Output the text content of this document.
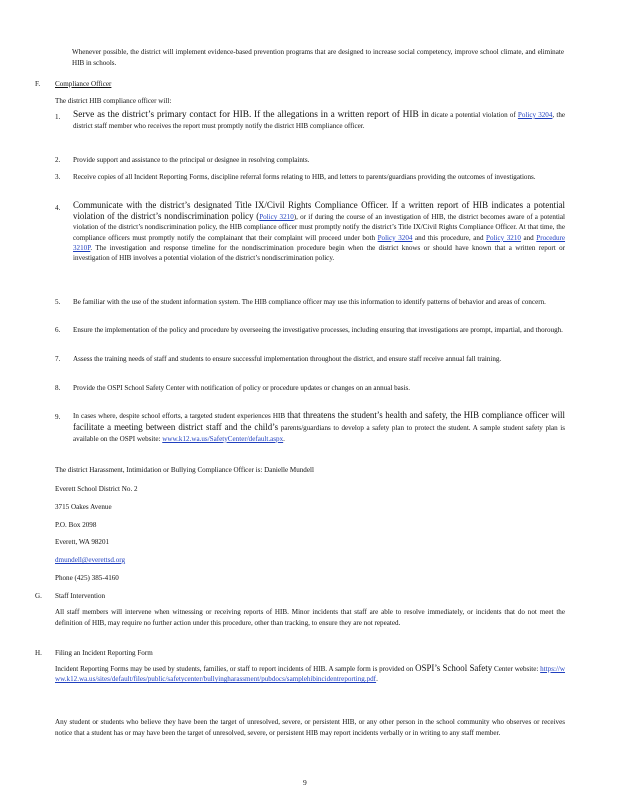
Whenever possible, the district will implement evidence-based prevention programs that are designed to increase social competency, improve school climate, and eliminate HIB in schools.
F. Compliance Officer
The district HIB compliance officer will:
1. Serve as the district’s primary contact for HIB. If the allegations in a written report of HIB in dicate a potential violation of Policy 3204, the district staff member who receives the report must promptly notify the district HIB compliance officer.
2. Provide support and assistance to the principal or designee in resolving complaints.
3. Receive copies of all Incident Reporting Forms, discipline referral forms relating to HIB, and letters to parents/guardians providing the outcomes of investigations.
4. Communicate with the district’s designated Title IX/Civil Rights Compliance Officer. If a written report of HIB indicates a potential violation of the district’s nondiscrimination policy (Policy 3210), or if during the course of an investigation of HIB, the district becomes aware of a potential violation of the district’s nondiscrimination policy, the HIB compliance officer must promptly notify the district’s Title IX/Civil Rights Compliance Officer. At that time, the compliance officers must promptly notify the complainant that their complaint will proceed under both Policy 3204 and this procedure, and Policy 3210 and Procedure 3210P. The investigation and response timeline for the nondiscrimination procedure begin when the district knows or should have known that a written report or investigation of HIB involves a potential violation of the district’s nondiscrimination policy.
5. Be familiar with the use of the student information system. The HIB compliance officer may use this information to identify patterns of behavior and areas of concern.
6. Ensure the implementation of the policy and procedure by overseeing the investigative processes, including ensuring that investigations are prompt, impartial, and thorough.
7. Assess the training needs of staff and students to ensure successful implementation throughout the district, and ensure staff receive annual fall training.
8. Provide the OSPI School Safety Center with notification of policy or procedure updates or changes on an annual basis.
9. In cases where, despite school efforts, a targeted student experiences HIB that threatens the student’s health and safety, the HIB compliance officer will facilitate a meeting between district staff and the child’s parents/guardians to develop a safety plan to protect the student. A sample student safety plan is available on the OSPI website: www.k12.wa.us/SafetyCenter/default.aspx.
The district Harassment, Intimidation or Bullying Compliance Officer is: Danielle Mundell
Everett School District No. 2
3715 Oakes Avenue
P.O. Box 2098
Everett, WA 98201
dmundell@everettsd.org
Phone (425) 385-4160
G. Staff Intervention
All staff members will intervene when witnessing or receiving reports of HIB. Minor incidents that staff are able to resolve immediately, or incidents that do not meet the definition of HIB, may require no further action under this procedure, other than tracking, to ensure they are not repeated.
H. Filing an Incident Reporting Form
Incident Reporting Forms may be used by students, families, or staff to report incidents of HIB. A sample form is provided on OSPI’s School Safety Center website: https://www.k12.wa.us/sites/default/files/public/safetycenter/bullyingharassment/pubdocs/samplehibincidentreporting.pdf.
Any student or students who believe they have been the target of unresolved, severe, or persistent HIB, or any other person in the school community who observes or receives notice that a student has or may have been the target of unresolved, severe, or persistent HIB may report incidents verbally or in writing to any staff member.
9
